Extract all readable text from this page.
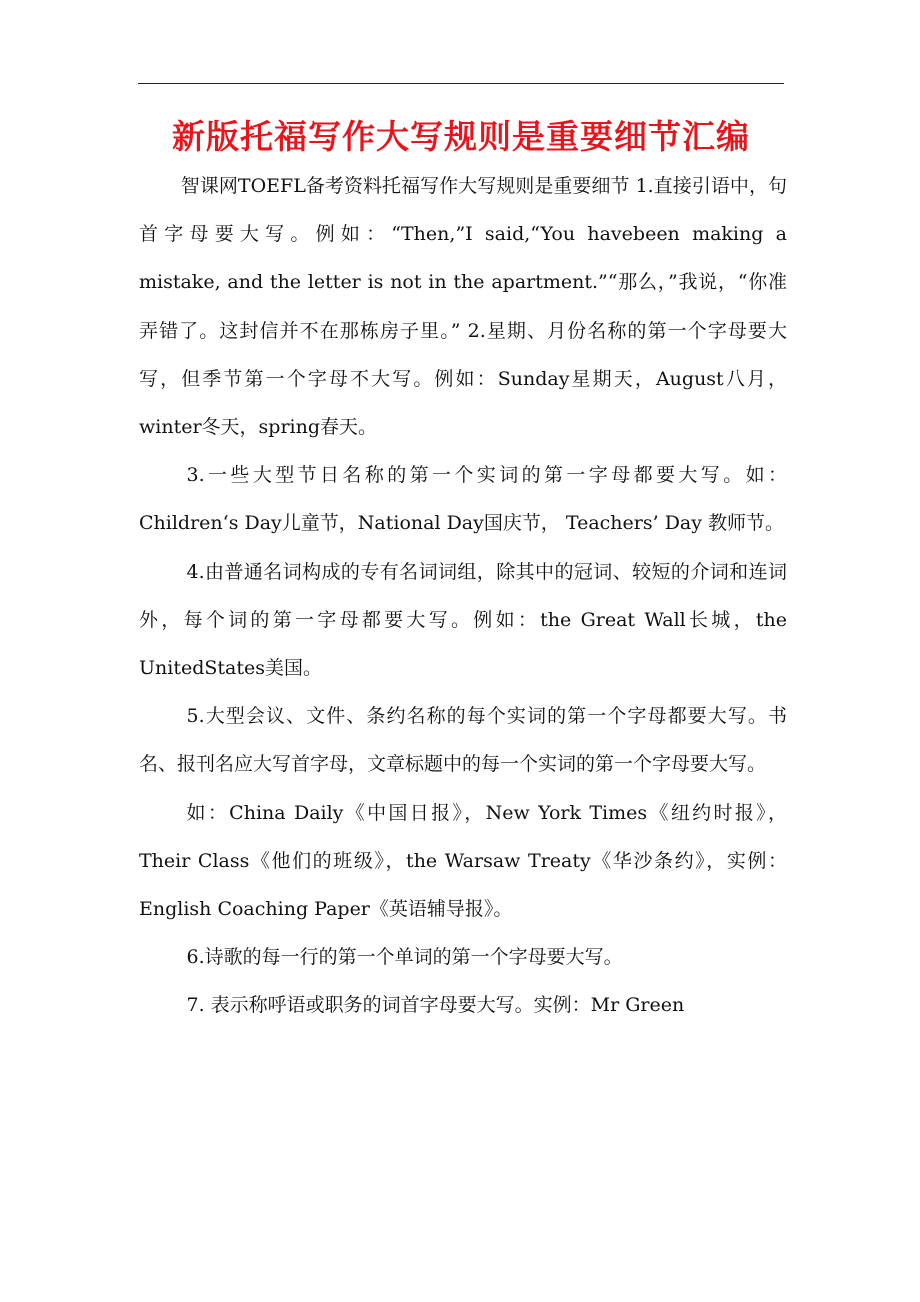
新版托福写作大写规则是重要细节汇编

智课网TOEFL备考资料托福写作大写规则是重要细节 1.直接引语中，句首字母要大写。例如：“Then,”I said,“You havebeen making a mistake, and the letter is not in the apartment.”“那么，”我说，“你准弄错了。这封信并不在那栋房子里。” 2.星期、月份名称的第一个字母要大写，但季节第一个字母不大写。例如：Sunday星期天，August八月，winter冬天，spring春天。

3.一些大型节日名称的第一个实词的第一字母都要大写。如：Children‘s Day儿童节，National Day国庆节， Teachers’ Day 教师节。

4.由普通名词构成的专有名词词组，除其中的冠词、较短的介词和连词外，每个词的第一字母都要大写。例如：the Great Wall长城，the UnitedStates美国。

5.大型会议、文件、条约名称的每个实词的第一个字母都要大写。书名、报刊名应大写首字母，文章标题中的每一个实词的第一个字母要大写。

如：China Daily《中国日报》，New York Times《纽约时报》，Their Class《他们的班级》，the Warsaw Treaty《华沙条约》，实例：English Coaching Paper《英语辅导报》。

6.诗歌的每一行的第一个单词的第一个字母要大写。

7. 表示称呼语或职务的词首字母要大写。实例：Mr Green
